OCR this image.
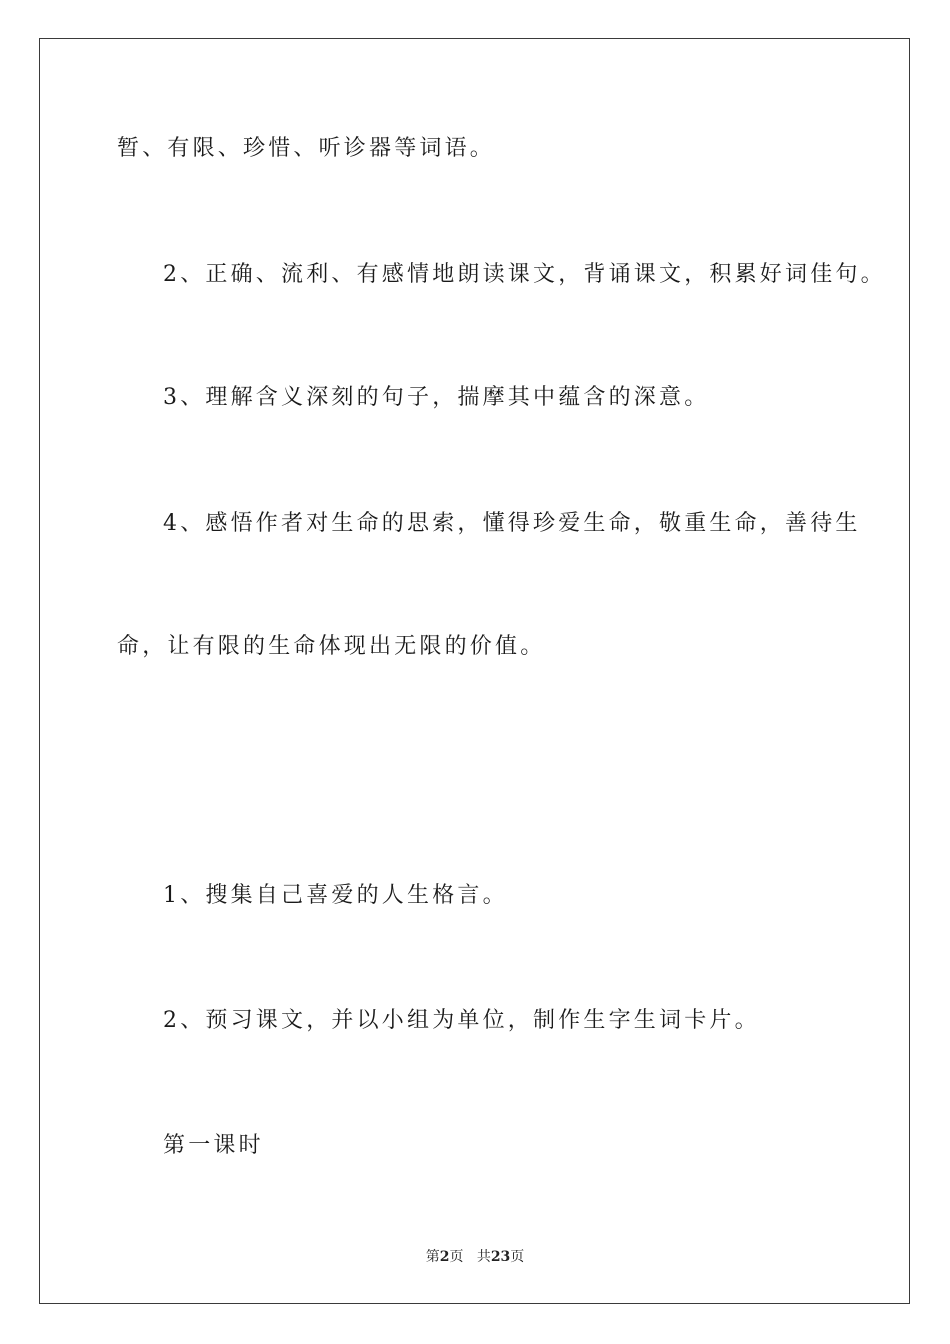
暂、有限、珍惜、听诊器等词语。
2、正确、流利、有感情地朗读课文，背诵课文，积累好词佳句。
3、理解含义深刻的句子，揣摩其中蕴含的深意。
4、感悟作者对生命的思索，懂得珍爱生命，敬重生命，善待生
命，让有限的生命体现出无限的价值。
1、搜集自己喜爱的人生格言。
2、预习课文，并以小组为单位，制作生字生词卡片。
第一课时
第2页 共23页
